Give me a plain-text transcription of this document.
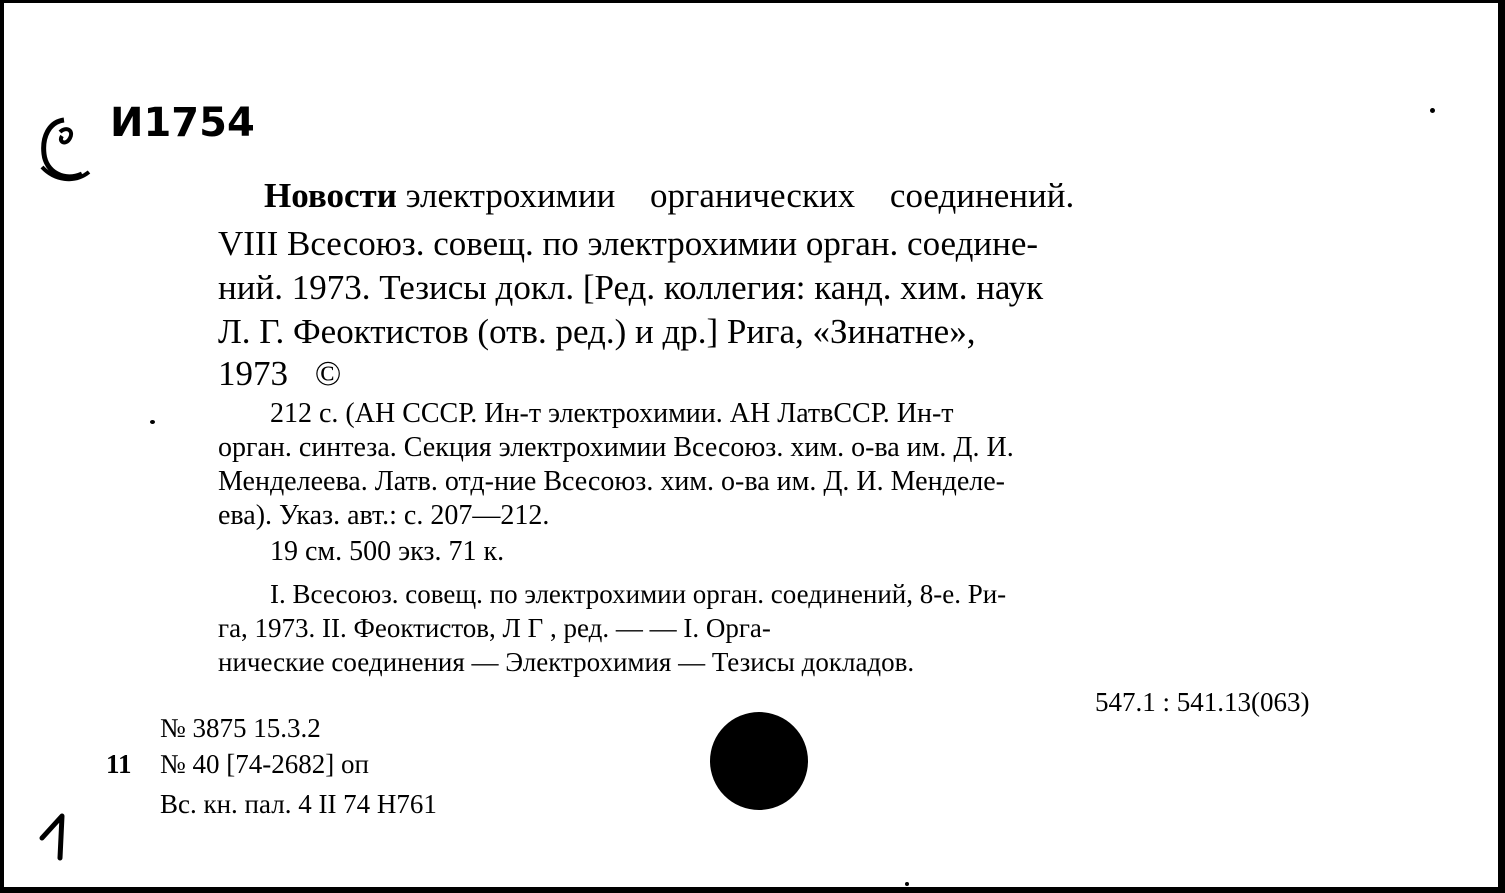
И1754
Новости электрохимии органических соединений.
VIII Всесоюз. совещ. по электрохимии орган. соедине-
ний. 1973. Тезисы докл. [Ред. коллегия: канд. хим. наук
Л. Г. Феоктистов (отв. ред.) и др.] Рига, «Зинатне»,
1973 ©
212 с. (АН СССР. Ин-т электрохимии. АН ЛатвССР. Ин-т
орган. синтеза. Секция электрохимии Всесоюз. хим. о-ва им. Д. И.
Менделеева. Латв. отд-ние Всесоюз. хим. о-ва им. Д. И. Менделе-
ева). Указ. авт.: с. 207—212.
19 см. 500 экз. 71 к.
I. Всесоюз. совещ. по электрохимии орган. соединений, 8-е. Ри-
га, 1973. II. Феоктистов, Л Г , ред. — — I. Орга-
нические соединения — Электрохимия — Тезисы докладов.
547.1 : 541.13(063)
№ 3875 15.3.2
11 № 40 [74-2682] оп
Вс. кн. пал. 4 II 74 Н761
